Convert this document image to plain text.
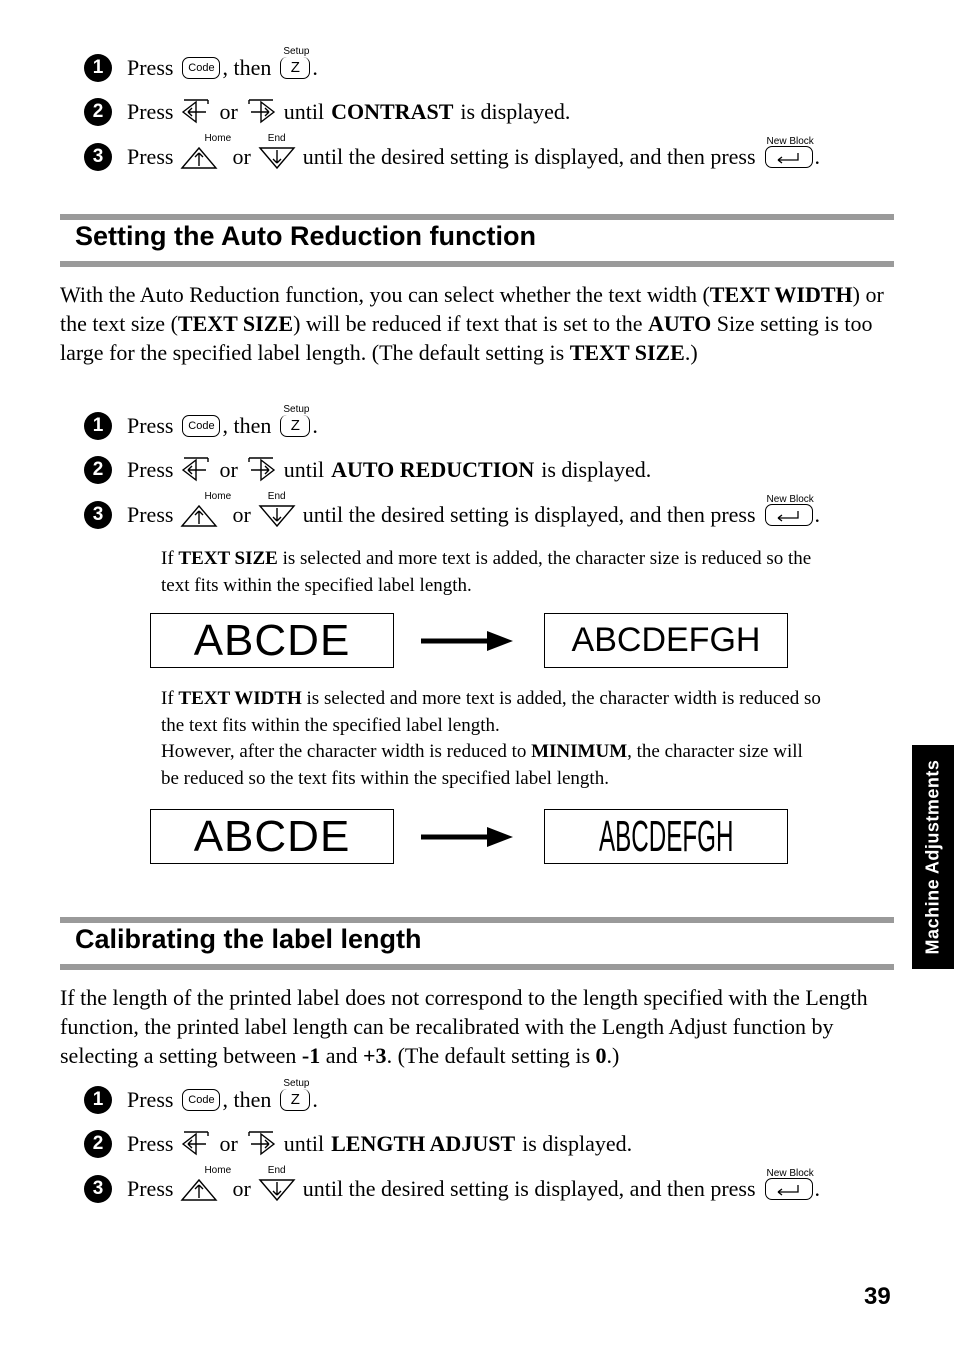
1	Press	Code , then Z
Setup
.
2	Press or until CONTRAST is displayed.
3	Press
Home
or
End
until the desired setting is displayed, and then press
New Block
.
Setting the Auto Reduction function
With the Auto Reduction function, you can select whether the text width (TEXT WIDTH) or the text size (TEXT SIZE) will be reduced if text that is set to the AUTO Size setting is too large for the specified label length. (The default setting is TEXT SIZE.)
1	Press	Code , then Z
Setup
.
2	Press or until AUTO REDUCTION is displayed.
3	Press
Home
or
End
until the desired setting is displayed, and then press
New Block
.
If TEXT SIZE is selected and more text is added, the character size is reduced so the text fits within the specified label length.
ABCDE	ABCDEFGH
If TEXT WIDTH is selected and more text is added, the character width is reduced so the text fits within the specified label length.
However, after the character width is reduced to MINIMUM, the character size will be reduced so the text fits within the specified label length.
ABCDE	ABCDEFGH
Calibrating the label length
If the length of the printed label does not correspond to the length specified with the Length function, the printed label length can be recalibrated with the Length Adjust function by selecting a setting between -1 and +3. (The default setting is 0.)
1	Press	Code , then Z
Setup
.
2	Press or until LENGTH ADJUST is displayed.
3	Press
Home
or
End
until the desired setting is displayed, and then press
New Block
.
Machine Adjustments
39
